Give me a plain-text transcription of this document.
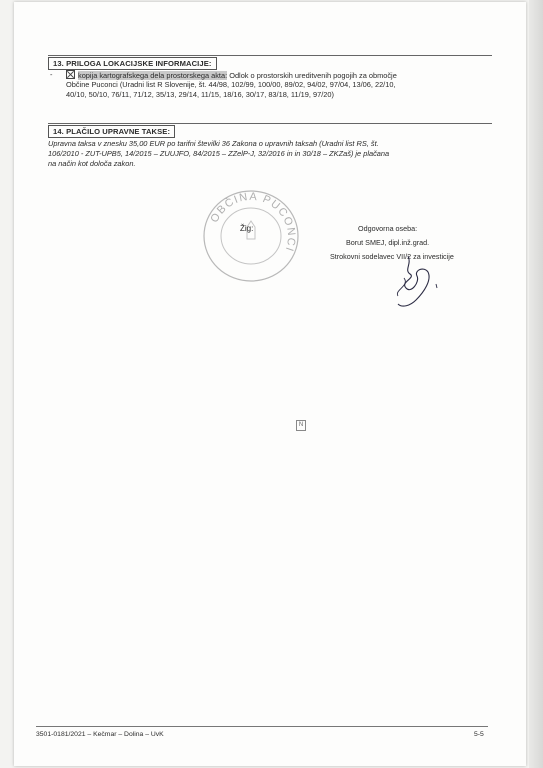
13. PRILOGA LOKACIJSKE INFORMACIJE:
-	kopija kartografskega dela prostorskega akta: Odlok o prostorskih ureditvenih pogojih za območje
Občine Puconci (Uradni list R Slovenije, št. 44/98, 102/99, 100/00, 89/02, 94/02, 97/04, 13/06, 22/10,
40/10, 50/10, 76/11, 71/12, 35/13, 29/14, 11/15, 18/16, 30/17, 83/18, 11/19, 97/20)
14. PLAČILO UPRAVNE TAKSE:
Upravna taksa v znesku 35,00 EUR po tarifni številki 36 Zakona o upravnih taksah (Uradni list RS, št.
106/2010 - ZUT-UPB5, 14/2015 – ZUUJFO, 84/2015 – ZZelP-J, 32/2016 in in 30/18 – ZKZaš) je plačana
na način kot določa zakon.
OBČINA PUCONCI
Žig:	Odgovorna oseba:
Borut SMEJ, dipl.inž.grad.
Strokovni sodelavec VII/2 za investicije
N
3501-0181/2021 – Kečmar – Dolina – UvK	5-5
